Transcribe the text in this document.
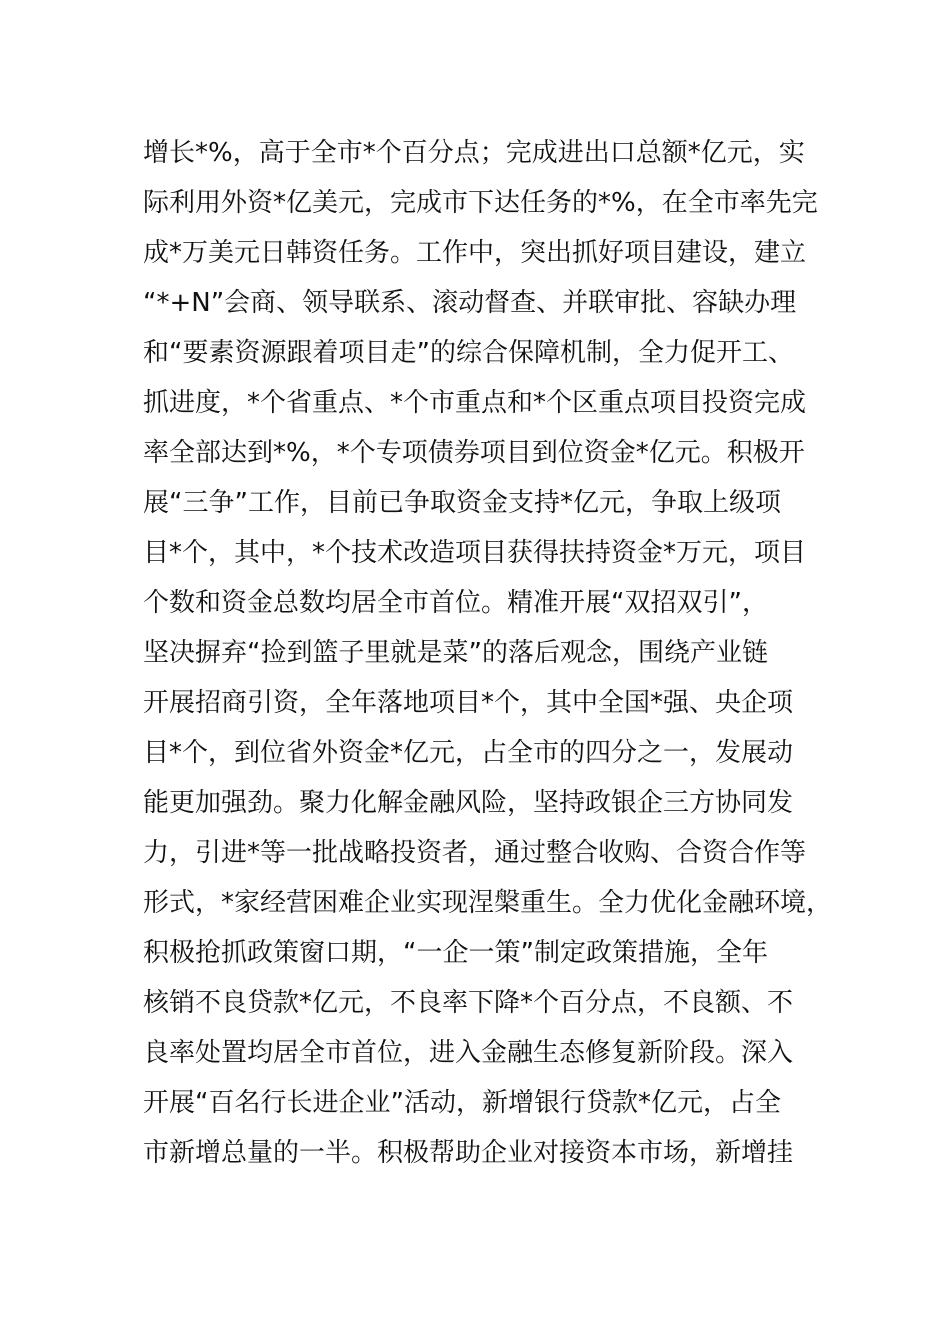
增长*%，高于全市*个百分点；完成进出口总额*亿元，实
际利用外资*亿美元，完成市下达任务的*%，在全市率先完
成*万美元日韩资任务。工作中，突出抓好项目建设，建立
“*+N”会商、领导联系、滚动督查、并联审批、容缺办理
和“要素资源跟着项目走”的综合保障机制，全力促开工、
抓进度，*个省重点、*个市重点和*个区重点项目投资完成
率全部达到*%，*个专项债券项目到位资金*亿元。积极开
展“三争”工作，目前已争取资金支持*亿元，争取上级项
目*个，其中，*个技术改造项目获得扶持资金*万元，项目
个数和资金总数均居全市首位。精准开展“双招双引”，
坚决摒弃“捡到篮子里就是菜”的落后观念，围绕产业链
开展招商引资，全年落地项目*个，其中全国*强、央企项
目*个，到位省外资金*亿元，占全市的四分之一，发展动
能更加强劲。聚力化解金融风险，坚持政银企三方协同发
力，引进*等一批战略投资者，通过整合收购、合资合作等
形式，*家经营困难企业实现涅槃重生。全力优化金融环境，
积极抢抓政策窗口期，“一企一策”制定政策措施，全年
核销不良贷款*亿元，不良率下降*个百分点，不良额、不
良率处置均居全市首位，进入金融生态修复新阶段。深入
开展“百名行长进企业”活动，新增银行贷款*亿元，占全
市新增总量的一半。积极帮助企业对接资本市场，新增挂
